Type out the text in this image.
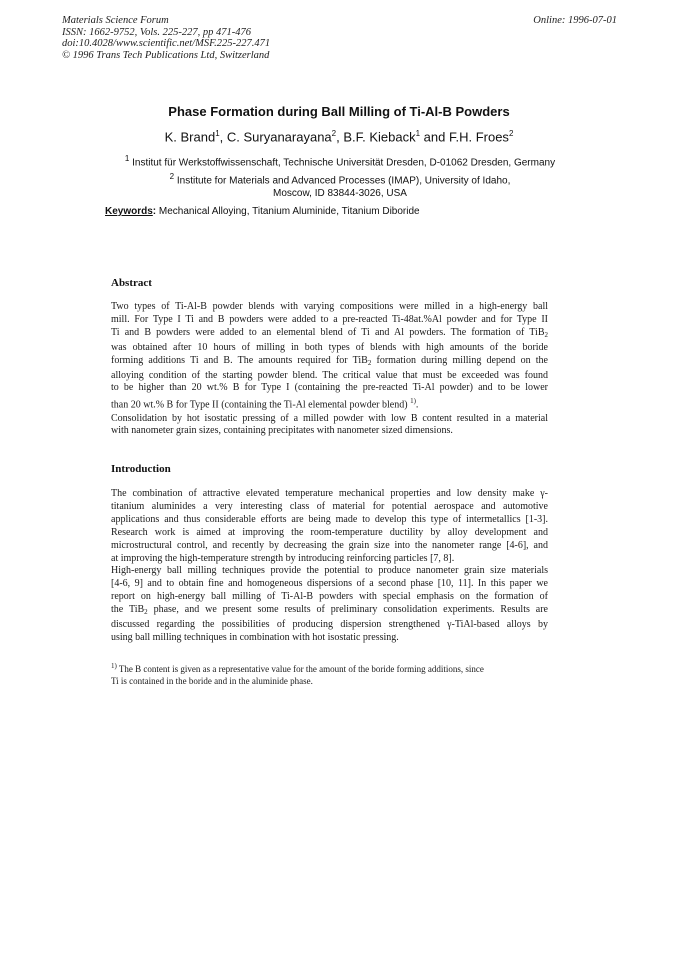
Materials Science Forum
ISSN: 1662-9752, Vols. 225-227, pp 471-476
doi:10.4028/www.scientific.net/MSF.225-227.471
© 1996 Trans Tech Publications Ltd, Switzerland
Online: 1996-07-01
Phase Formation during Ball Milling of Ti-Al-B Powders
K. Brand$^1$, C. Suryanarayana$^2$, B.F. Kieback$^1$ and F.H. Froes$^2$
$^1$ Institut für Werkstoffwissenschaft, Technische Universität Dresden, D-01062 Dresden, Germany
$^2$ Institute for Materials and Advanced Processes (IMAP), University of Idaho,
Moscow, ID 83844-3026, USA
Keywords: Mechanical Alloying, Titanium Aluminide, Titanium Diboride
Abstract
Two types of Ti-Al-B powder blends with varying compositions were milled in a high-energy ball
mill. For Type I Ti and B powders were added to a pre-reacted Ti-48at.%Al powder and for Type II
Ti and B powders were added to an elemental blend of Ti and Al powders. The formation of TiB$_2$
was obtained after 10 hours of milling in both types of blends with high amounts of the boride
forming additions Ti and B. The amounts required for TiB$_2$ formation during milling depend on the
alloying condition of the starting powder blend. The critical value that must be exceeded was found
to be higher than 20 wt.% B for Type I (containing the pre-reacted Ti-Al powder) and to be lower
than 20 wt.% B for Type II (containing the Ti-Al elemental powder blend) $^{1)}$.
Consolidation by hot isostatic pressing of a milled powder with low B content resulted in a material
with nanometer grain sizes, containing precipitates with nanometer sized dimensions.
Introduction
The combination of attractive elevated temperature mechanical properties and low density make γ-
titanium aluminides a very interesting class of material for potential aerospace and automotive
applications and thus considerable efforts are being made to develop this type of intermetallics [1-3].
Research work is aimed at improving the room-temperature ductility by alloy development and
microstructural control, and recently by decreasing the grain size into the nanometer range [4-6], and
at improving the high-temperature strength by introducing reinforcing particles [7, 8].
High-energy ball milling techniques provide the potential to produce nanometer grain size materials
[4-6, 9] and to obtain fine and homogeneous dispersions of a second phase [10, 11]. In this paper we
report on high-energy ball milling of Ti-Al-B powders with special emphasis on the formation of
the TiB$_2$ phase, and we present some results of preliminary consolidation experiments. Results are
discussed regarding the possibilities of producing dispersion strengthened γ-TiAl-based alloys by
using ball milling techniques in combination with hot isostatic pressing.
$^{1)}$ The B content is given as a representative value for the amount of the boride forming additions, since
Ti is contained in the boride and in the aluminide phase.
